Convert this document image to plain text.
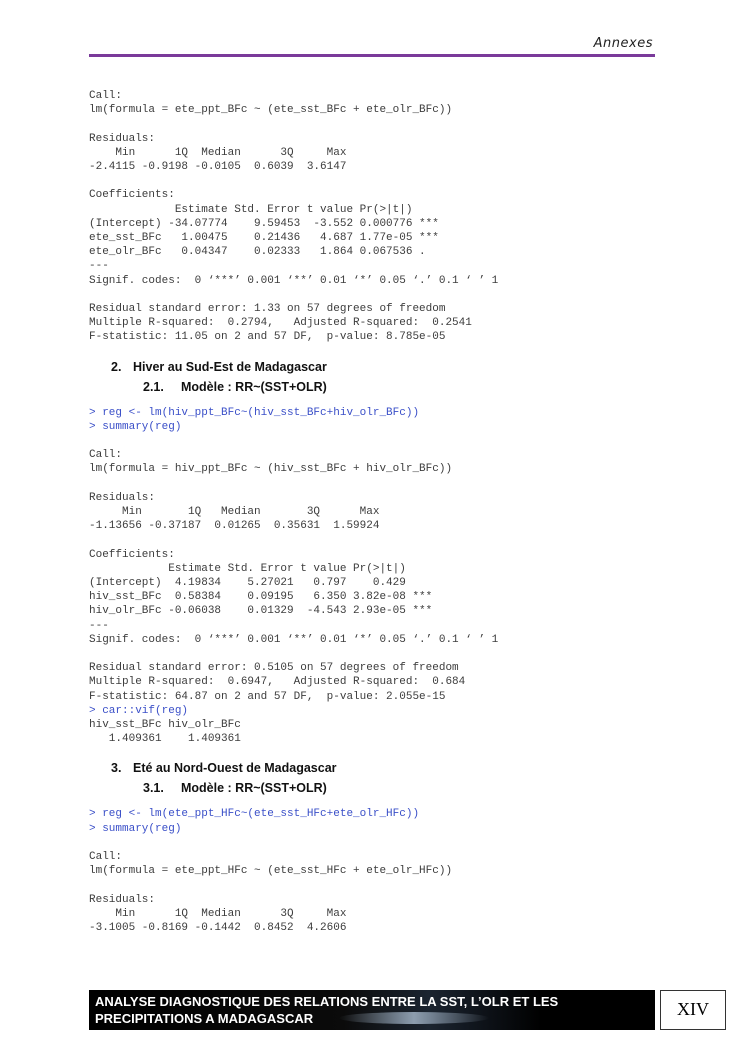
Annexes
Call:
lm(formula = ete_ppt_BFc ~ (ete_sst_BFc + ete_olr_BFc))
Residuals:
Min      1Q  Median      3Q     Max
-2.4115 -0.9198 -0.0105  0.6039  3.6147
Coefficients:
Estimate Std. Error t value Pr(>|t|)
(Intercept) -34.07774    9.59453  -3.552 0.000776 ***
ete_sst_BFc   1.00475    0.21436   4.687 1.77e-05 ***
ete_olr_BFc   0.04347    0.02333   1.864 0.067536 .
---
Signif. codes:  0 ‘***’ 0.001 ‘**’ 0.01 ‘*’ 0.05 ‘.’ 0.1 ‘ ’ 1
Residual standard error: 1.33 on 57 degrees of freedom
Multiple R-squared:  0.2794,   Adjusted R-squared:  0.2541
F-statistic: 11.05 on 2 and 57 DF,  p-value: 8.785e-05
2. Hiver au Sud-Est de Madagascar
2.1. Modèle : RR~(SST+OLR)
> reg <- lm(hiv_ppt_BFc~(hiv_sst_BFc+hiv_olr_BFc))
> summary(reg)
Call:
lm(formula = hiv_ppt_BFc ~ (hiv_sst_BFc + hiv_olr_BFc))
Residuals:
Min       1Q   Median       3Q      Max
-1.13656 -0.37187  0.01265  0.35631  1.59924
Coefficients:
Estimate Std. Error t value Pr(>|t|)
(Intercept)  4.19834    5.27021   0.797    0.429
hiv_sst_BFc  0.58384    0.09195   6.350 3.82e-08 ***
hiv_olr_BFc -0.06038    0.01329  -4.543 2.93e-05 ***
---
Signif. codes:  0 ‘***’ 0.001 ‘**’ 0.01 ‘*’ 0.05 ‘.’ 0.1 ‘ ’ 1
Residual standard error: 0.5105 on 57 degrees of freedom
Multiple R-squared:  0.6947,   Adjusted R-squared:  0.684
F-statistic: 64.87 on 2 and 57 DF,  p-value: 2.055e-15
> car::vif(reg)
hiv_sst_BFc hiv_olr_BFc
1.409361    1.409361
3. Eté au Nord-Ouest de Madagascar
3.1. Modèle : RR~(SST+OLR)
> reg <- lm(ete_ppt_HFc~(ete_sst_HFc+ete_olr_HFc))
> summary(reg)
Call:
lm(formula = ete_ppt_HFc ~ (ete_sst_HFc + ete_olr_HFc))
Residuals:
Min      1Q  Median      3Q     Max
-3.1005 -0.8169 -0.1442  0.8452  4.2606
ANALYSE DIAGNOSTIQUE DES RELATIONS ENTRE LA SST, L’OLR ET LES
PRECIPITATIONS A MADAGASCAR	XIV
